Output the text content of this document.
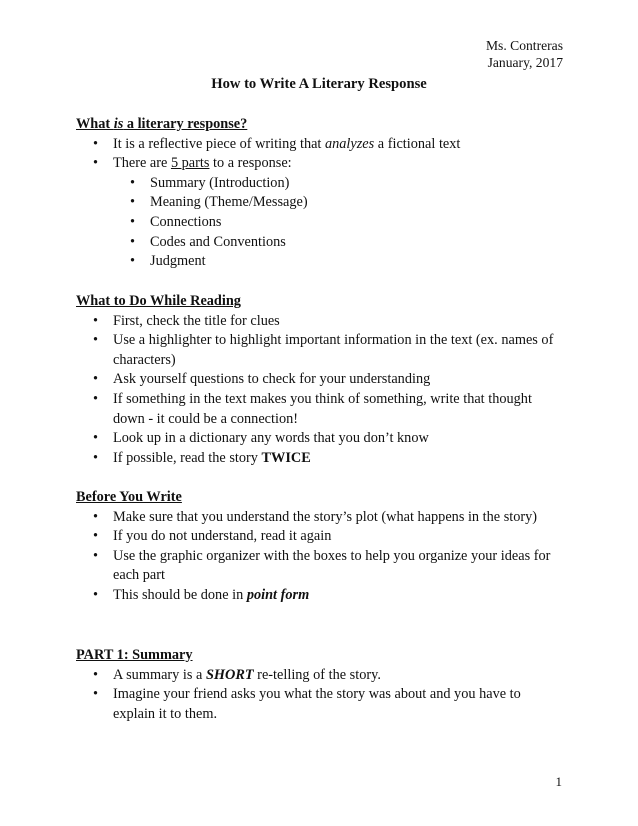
Ms. Contreras
January, 2017
How to Write A Literary Response

What is a literary response?

• It is a reflective piece of writing that analyzes a fictional text
• There are 5 parts to a response:
• Summary (Introduction)
• Meaning (Theme/Message)
• Connections
• Codes and Conventions
• Judgment

What to Do While Reading

• First, check the title for clues
• Use a highlighter to highlight important information in the text (ex. names of characters)
• Ask yourself questions to check for your understanding
• If something in the text makes you think of something, write that thought down - it could be a connection!
• Look up in a dictionary any words that you don’t know
• If possible, read the story TWICE

Before You Write

• Make sure that you understand the story’s plot (what happens in the story)
• If you do not understand, read it again
• Use the graphic organizer with the boxes to help you organize your ideas for each part
• This should be done in point form

PART 1: Summary

• A summary is a SHORT re-telling of the story.
• Imagine your friend asks you what the story was about and you have to explain it to them.
1
